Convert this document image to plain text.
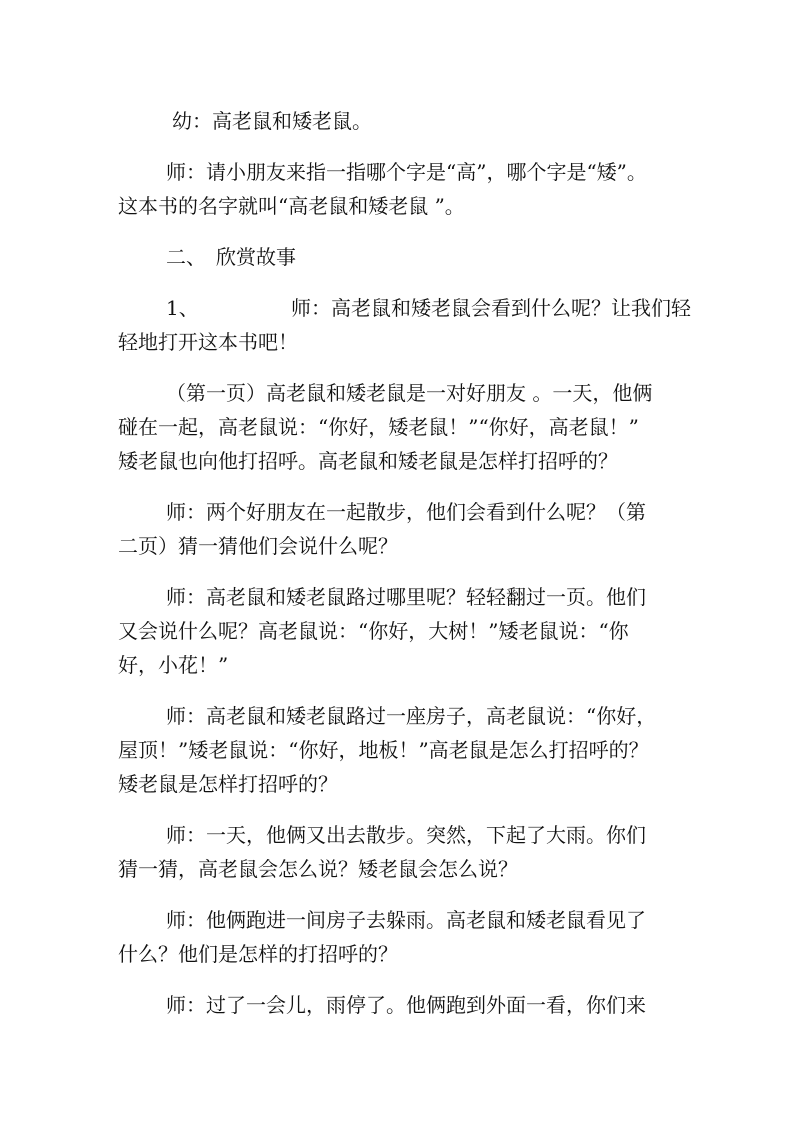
幼：高老鼠和矮老鼠。
师：请小朋友来指一指哪个字是“高”，哪个字是“矮”。
这本书的名字就叫“高老鼠和矮老鼠 ”。
二、 欣赏故事
1、	师：高老鼠和矮老鼠会看到什么呢？让我们轻
轻地打开这本书吧！
（第一页）高老鼠和矮老鼠是一对好朋友 。一天，他俩
碰在一起，高老鼠说：“你好，矮老鼠！”“你好，高老鼠！”
矮老鼠也向他打招呼。高老鼠和矮老鼠是怎样打招呼的？
师：两个好朋友在一起散步，他们会看到什么呢？（第
二页）猜一猜他们会说什么呢？
师：高老鼠和矮老鼠路过哪里呢？轻轻翻过一页。他们
又会说什么呢？高老鼠说：“你好，大树！”矮老鼠说：“你
好，小花！”
师：高老鼠和矮老鼠路过一座房子，高老鼠说：“你好，
屋顶！”矮老鼠说：“你好，地板！”高老鼠是怎么打招呼的？
矮老鼠是怎样打招呼的？
师：一天，他俩又出去散步。突然，下起了大雨。你们
猜一猜，高老鼠会怎么说？矮老鼠会怎么说？
师：他俩跑进一间房子去躲雨。高老鼠和矮老鼠看见了
什么？他们是怎样的打招呼的？
师：过了一会儿，雨停了。他俩跑到外面一看，你们来
